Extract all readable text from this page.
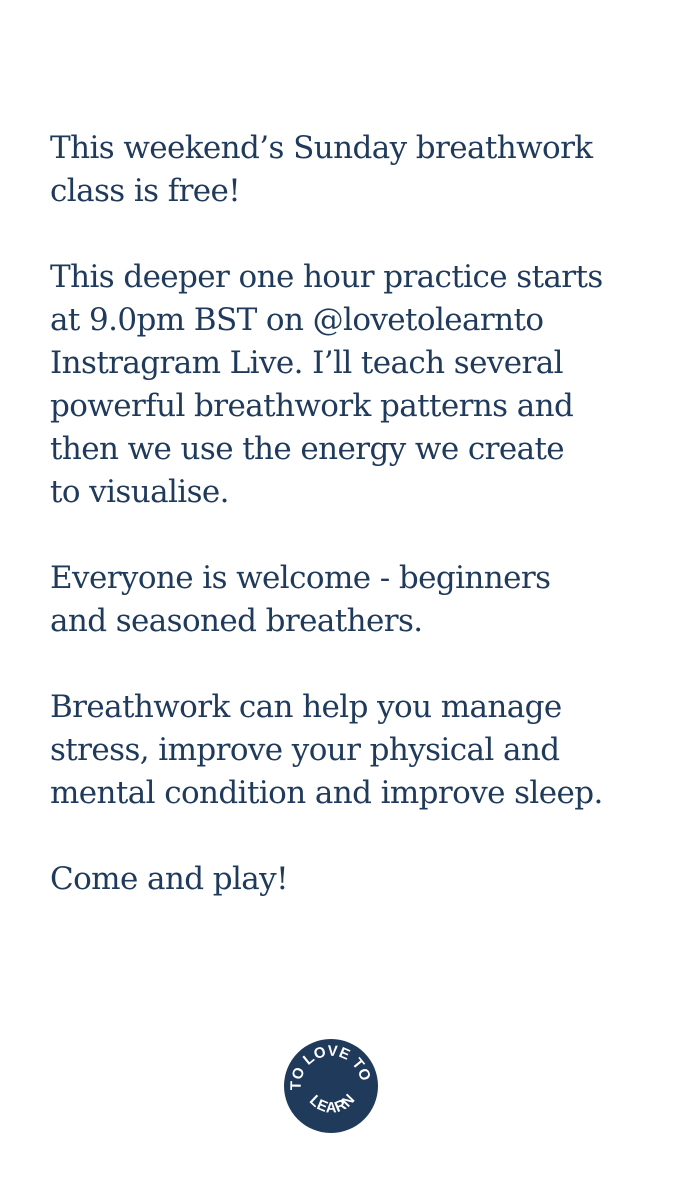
This weekend’s Sunday breathwork
class is free!
This deeper one hour practice starts
at 9.0pm BST on @lovetolearnto
Instragram Live. I’ll teach several
powerful breathwork patterns and
then we use the energy we create
to visualise.
Everyone is welcome - beginners
and seasoned breathers.
Breathwork can help you manage
stress, improve your physical and
mental condition and improve sleep.
Come and play!
TO LOVE TO
LEARN
